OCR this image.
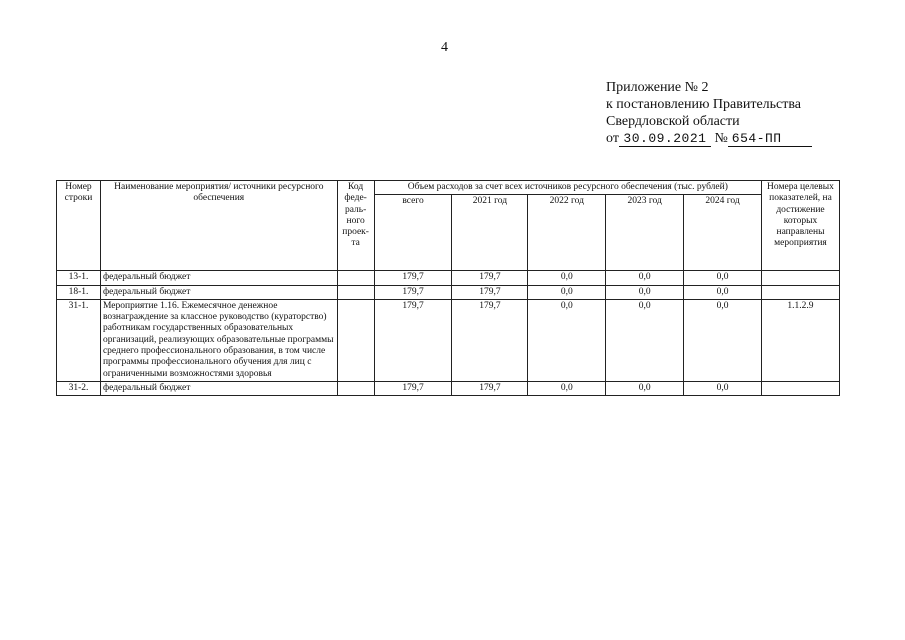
4
Приложение № 2
к постановлению Правительства
Свердловской области
от 30.09.2021 № 654-ПП
Номер строки	Наименование мероприятия/ источники ресурсного обеспечения	Код феде- раль- ного проек- та	Объем расходов за счет всех источников ресурсного обеспечения (тыс. рублей)					Номера целевых показателей, на достижение которых направлены мероприятия
			всего	2021 год	2022 год	2023 год	2024 год	
13-1.	федеральный бюджет		179,7	179,7	0,0	0,0	0,0	
18-1.	федеральный бюджет		179,7	179,7	0,0	0,0	0,0	
31-1.	Мероприятие 1.16. Ежемесячное денежное вознаграждение за классное руководство (кураторство) работникам государственных образовательных организаций, реализующих образовательные программы среднего профессионального образования, в том числе программы профессионального обучения для лиц с ограниченными возможностями здоровья		179,7	179,7	0,0	0,0	0,0	1.1.2.9
31-2.	федеральный бюджет		179,7	179,7	0,0	0,0	0,0	
